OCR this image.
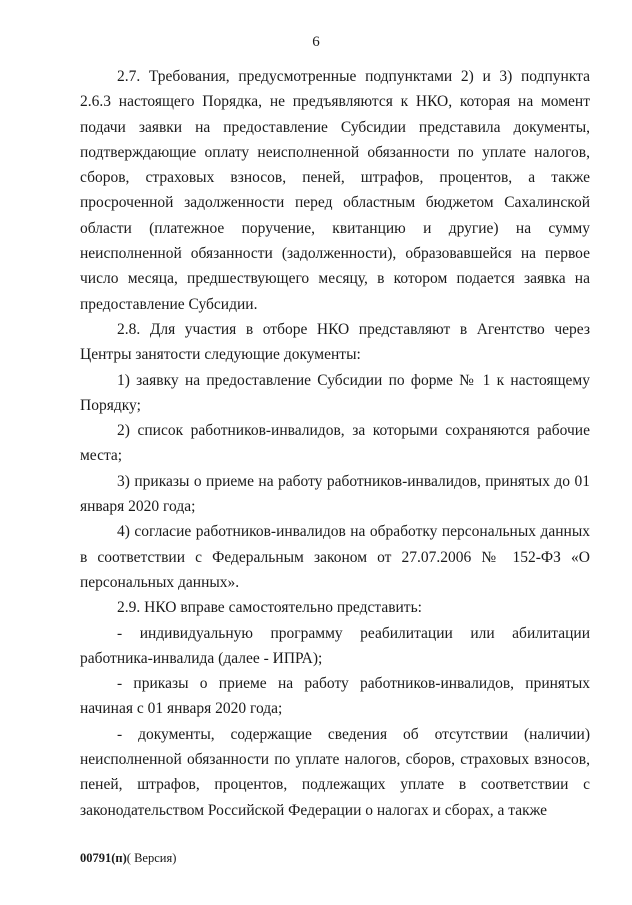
6

2.7. Требования, предусмотренные подпунктами 2) и 3) подпункта 2.6.3 настоящего Порядка, не предъявляются к НКО, которая на момент подачи заявки на предоставление Субсидии представила документы, подтверждающие оплату неисполненной обязанности по уплате налогов, сборов, страховых взносов, пеней, штрафов, процентов, а также просроченной задолженности перед областным бюджетом Сахалинской области (платежное поручение, квитанцию и другие) на сумму неисполненной обязанности (задолженности), образовавшейся на первое число месяца, предшествующего месяцу, в котором подается заявка на предоставление Субсидии.

2.8. Для участия в отборе НКО представляют в Агентство через Центры занятости следующие документы:

1) заявку на предоставление Субсидии по форме № 1 к настоящему Порядку;

2) список работников-инвалидов, за которыми сохраняются рабочие места;

3) приказы о приеме на работу работников-инвалидов, принятых до 01 января 2020 года;

4) согласие работников-инвалидов на обработку персональных данных в соответствии с Федеральным законом от 27.07.2006 № 152-ФЗ «О персональных данных».

2.9. НКО вправе самостоятельно представить:

- индивидуальную программу реабилитации или абилитации работника-инвалида (далее - ИПРА);

- приказы о приеме на работу работников-инвалидов, принятых начиная с 01 января 2020 года;

- документы, содержащие сведения об отсутствии (наличии) неисполненной обязанности по уплате налогов, сборов, страховых взносов, пеней, штрафов, процентов, подлежащих уплате в соответствии с законодательством Российской Федерации о налогах и сборах, а также

00791(п)( Версия)
